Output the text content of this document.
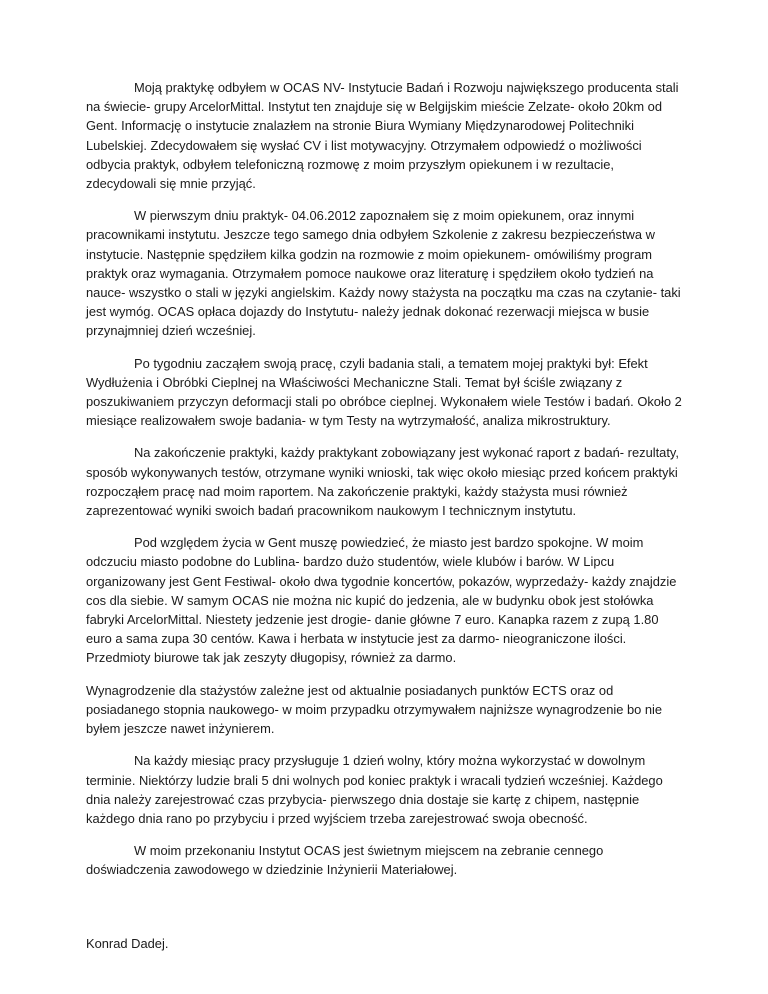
Moją praktykę odbyłem w OCAS NV- Instytucie Badań i Rozwoju największego producenta stali na świecie- grupy ArcelorMittal. Instytut ten znajduje się w Belgijskim mieście Zelzate- około 20km od Gent. Informację o instytucie znalazłem na stronie Biura Wymiany Międzynarodowej Politechniki Lubelskiej. Zdecydowałem się wysłać CV i list motywacyjny. Otrzymałem odpowiedź o możliwości odbycia praktyk, odbyłem telefoniczną rozmowę z moim przyszłym opiekunem i w rezultacie, zdecydowali się mnie przyjąć.

W pierwszym dniu praktyk- 04.06.2012 zapoznałem się z moim opiekunem, oraz innymi pracownikami instytutu. Jeszcze tego samego dnia odbyłem Szkolenie z zakresu bezpieczeństwa w instytucie. Następnie spędziłem kilka godzin na rozmowie z moim opiekunem- omówiliśmy program praktyk oraz wymagania. Otrzymałem pomoce naukowe oraz literaturę i spędziłem około tydzień na nauce- wszystko o stali w języki angielskim. Każdy nowy stażysta na początku ma czas na czytanie- taki jest wymóg. OCAS opłaca dojazdy do Instytutu- należy jednak dokonać rezerwacji miejsca w busie przynajmniej dzień wcześniej.

Po tygodniu zacząłem swoją pracę, czyli badania stali, a tematem mojej praktyki był: Efekt Wydłużenia i Obróbki Cieplnej na Właściwości Mechaniczne Stali. Temat był ściśle związany z poszukiwaniem przyczyn deformacji stali po obróbce cieplnej. Wykonałem wiele Testów i badań. Około 2 miesiące realizowałem swoje badania- w tym Testy na wytrzymałość, analiza mikrostruktury.

Na zakończenie praktyki, każdy praktykant zobowiązany jest wykonać raport z badań- rezultaty, sposób wykonywanych testów, otrzymane wyniki wnioski, tak więc około miesiąc przed końcem praktyki rozpocząłem pracę nad moim raportem. Na zakończenie praktyki, każdy stażysta musi również zaprezentować wyniki swoich badań pracownikom naukowym I technicznym instytutu.

Pod względem życia w Gent muszę powiedzieć, że miasto jest bardzo spokojne. W moim odczuciu miasto podobne do Lublina- bardzo dużo studentów, wiele klubów i barów. W Lipcu organizowany jest Gent Festiwal- około dwa tygodnie koncertów, pokazów, wyprzedaży- każdy znajdzie cos dla siebie. W samym OCAS nie można nic kupić do jedzenia, ale w budynku obok jest stołówka fabryki ArcelorMittal. Niestety jedzenie jest drogie- danie główne 7 euro. Kanapka razem z zupą 1.80 euro a sama zupa 30 centów. Kawa i herbata w instytucie jest za darmo- nieograniczone ilości. Przedmioty biurowe tak jak zeszyty długopisy, również za darmo.

Wynagrodzenie dla stażystów zależne jest od aktualnie posiadanych punktów ECTS oraz od posiadanego stopnia naukowego- w moim przypadku otrzymywałem najniższe wynagrodzenie bo nie byłem jeszcze nawet inżynierem.

Na każdy miesiąc pracy przysługuje 1 dzień wolny, który można wykorzystać w dowolnym terminie. Niektórzy ludzie brali 5 dni wolnych pod koniec praktyk i wracali tydzień wcześniej. Każdego dnia należy zarejestrować czas przybycia- pierwszego dnia dostaje sie kartę z chipem, następnie każdego dnia rano po przybyciu i przed wyjściem trzeba zarejestrować swoja obecność.

W moim przekonaniu Instytut OCAS jest świetnym miejscem na zebranie cennego doświadczenia zawodowego w dziedzinie Inżynierii Materiałowej.

Konrad Dadej.
